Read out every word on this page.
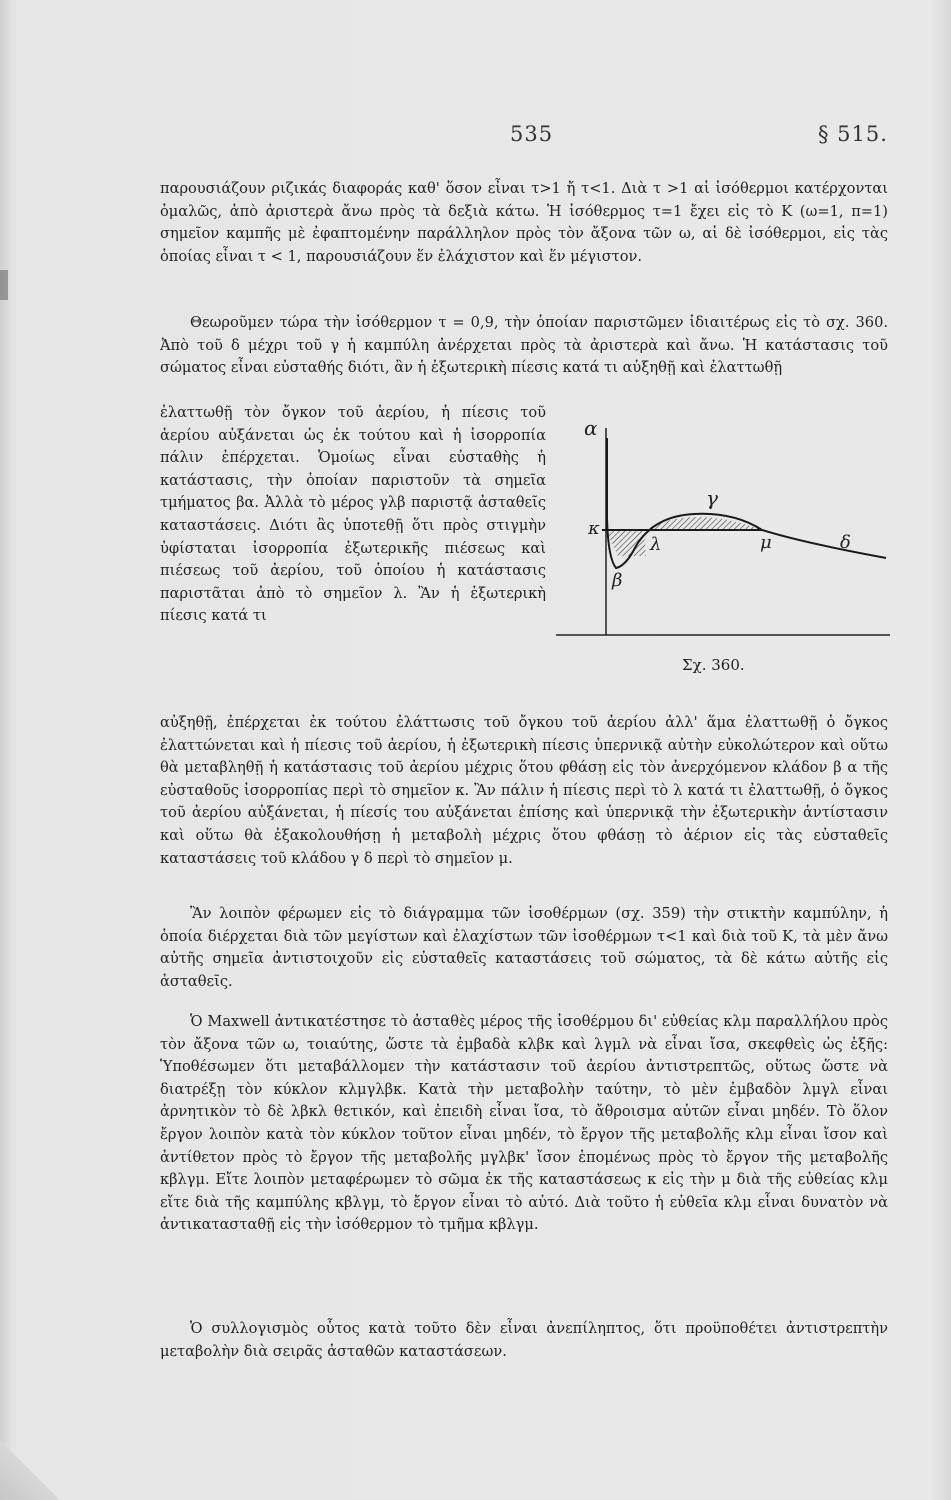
535	§ 515.

παρουσιάζουν ριζικάς διαφοράς καθ' ὅσον εἶναι τ>1 ἤ τ<1. Διὰ τ >1 αἱ ἰσόθερμοι κατέρχονται ὁμαλῶς, ἀπὸ ἀριστερὰ ἄνω πρὸς τὰ δεξιὰ κάτω. Ἡ ἰσόθερμος τ=1 ἔχει εἰς τὸ Κ (ω=1, π=1) σημεῖον καμπῆς μὲ ἐφαπτομένην παράλληλον πρὸς τὸν ἄξονα τῶν ω, αἱ δὲ ἰσόθερμοι, εἰς τὰς ὁποίας εἶναι τ < 1, παρουσιάζουν ἕν ἐλάχιστον καὶ ἕν μέγιστον.

Θεωροῦμεν τώρα τὴν ἰσόθερμον τ = 0,9, τὴν ὁποίαν παριστῶμεν ἰδιαιτέρως εἰς τὸ σχ. 360. Ἀπὸ τοῦ δ μέχρι τοῦ γ ἡ καμπύλη ἀνέρχεται πρὸς τὰ ἀριστερὰ καὶ ἄνω. Ἡ κατάστασις τοῦ σώματος εἶναι εὐσταθής διότι, ἂν ἡ ἐξωτερικὴ πίεσις κατά τι αὐξηθῇ καὶ ἐλαττωθῇ

ἐλαττωθῇ τὸν ὄγκον τοῦ ἀερίου, ἡ πίεσις τοῦ ἀερίου αὐξάνεται ὡς ἐκ τούτου καὶ ἡ ἰσορροπία πάλιν ἐπέρχεται. Ὁμοίως εἶναι εὐσταθὴς ἡ κατάστασις, τὴν ὁποίαν παριστοῦν τὰ σημεῖα τμήματος βα. Ἀλλὰ τὸ μέρος γλβ παριστᾷ ἀσταθεῖς καταστάσεις. Διότι ἂς ὑποτεθῇ ὅτι πρὸς στιγμὴν ὑφίσταται ἰσορροπία ἐξωτερικῆς πιέσεως καὶ πιέσεως τοῦ ἀερίου, τοῦ ὁποίου ἡ κατάστασις παριστᾶται ἀπὸ τὸ σημεῖον λ. Ἂν ἡ ἐξωτερικὴ πίεσις κατά τι

αὐξηθῇ, ἐπέρχεται ἐκ τούτου ἐλάττωσις τοῦ ὄγκου τοῦ ἀερίου ἀλλ' ἅμα ἐλαττωθῇ ὁ ὄγκος ἐλαττώνεται καὶ ἡ πίεσις τοῦ ἀερίου, ἡ ἐξωτερικὴ πίεσις ὑπερνικᾷ αὐτὴν εὐκολώτερον καὶ οὕτω θὰ μεταβληθῇ ἡ κατάστασις τοῦ ἀερίου μέχρις ὅτου φθάσῃ εἰς τὸν ἀνερχόμενον κλάδον β α τῆς εὐσταθοῦς ἰσορροπίας περὶ τὸ σημεῖον κ. Ἂν πάλιν ἡ πίεσις περὶ τὸ λ κατά τι ἐλαττωθῇ, ὁ ὄγκος τοῦ ἀερίου αὐξάνεται, ἡ πίεσίς του αὐξάνεται ἐπίσης καὶ ὑπερνικᾷ τὴν ἐξωτερικὴν ἀντίστασιν καὶ οὕτω θὰ ἐξακολουθήσῃ ἡ μεταβολὴ μέχρις ὅτου φθάσῃ τὸ ἀέριον εἰς τὰς εὐσταθεῖς καταστάσεις τοῦ κλάδου γ δ περὶ τὸ σημεῖον μ.

Ἂν λοιπὸν φέρωμεν εἰς τὸ διάγραμμα τῶν ἰσοθέρμων (σχ. 359) τὴν στικτὴν καμπύλην, ἡ ὁποία διέρχεται διὰ τῶν μεγίστων καὶ ἐλαχίστων τῶν ἰσοθέρμων τ<1 καὶ διὰ τοῦ Κ, τὰ μὲν ἄνω αὐτῆς σημεῖα ἀντιστοιχοῦν εἰς εὐσταθεῖς καταστάσεις τοῦ σώματος, τὰ δὲ κάτω αὐτῆς εἰς ἀσταθεῖς.

Ὁ Maxwell ἀντικατέστησε τὸ ἀσταθὲς μέρος τῆς ἰσοθέρμου δι' εὐθείας κλμ παραλλήλου πρὸς τὸν ἄξονα τῶν ω, τοιαύτης, ὥστε τὰ ἐμβαδὰ κλβκ καὶ λγμλ νὰ εἶναι ἴσα, σκεφθεὶς ὡς ἑξῆς: Ὑποθέσωμεν ὅτι μεταβάλλομεν τὴν κατάστασιν τοῦ ἀερίου ἀντιστρεπτῶς, οὕτως ὥστε νὰ διατρέξῃ τὸν κύκλον κλμγλβκ. Κατὰ τὴν μεταβολὴν ταύτην, τὸ μὲν ἐμβαδὸν λμγλ εἶναι ἀρνητικὸν τὸ δὲ λβκλ θετικόν, καὶ ἐπειδὴ εἶναι ἴσα, τὸ ἄθροισμα αὐτῶν εἶναι μηδέν. Τὸ ὅλον ἔργον λοιπὸν κατὰ τὸν κύκλον τοῦτον εἶναι μηδέν, τὸ ἔργον τῆς μεταβολῆς κλμ εἶναι ἴσον καὶ ἀντίθετον πρὸς τὸ ἔργον τῆς μεταβολῆς μγλβκ' ἴσον ἑπομένως πρὸς τὸ ἔργον τῆς μεταβολῆς κβλγμ. Εἴτε λοιπὸν μεταφέρωμεν τὸ σῶμα ἐκ τῆς καταστάσεως κ εἰς τὴν μ διὰ τῆς εὐθείας κλμ εἴτε διὰ τῆς καμπύλης κβλγμ, τὸ ἔργον εἶναι τὸ αὐτό. Διὰ τοῦτο ἡ εὐθεῖα κλμ εἶναι δυνατὸν νὰ ἀντικατασταθῇ εἰς τὴν ἰσόθερμον τὸ τμῆμα κβλγμ.

Ὁ συλλογισμὸς οὗτος κατὰ τοῦτο δὲν εἶναι ἀνεπίληπτος, ὅτι προϋποθέτει ἀντιστρεπτὴν μεταβολὴν διὰ σειρᾶς ἀσταθῶν καταστάσεων.

α
κ
β
λ
γ
μ	δ
Σχ. 360.
